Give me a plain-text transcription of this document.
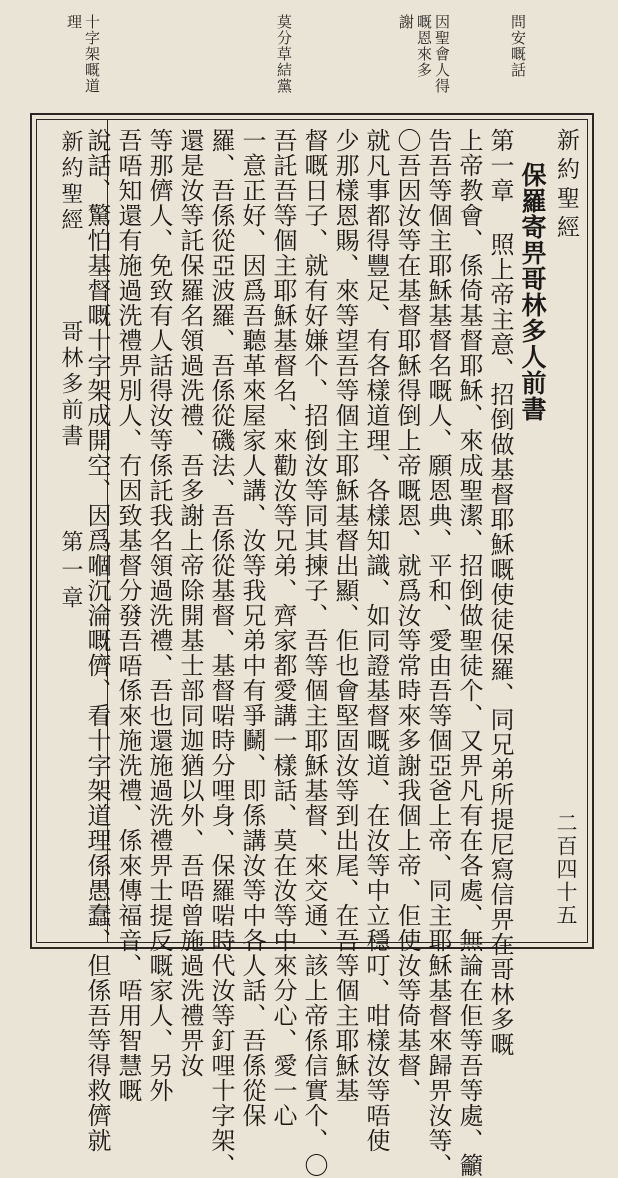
問安嘅話
因聖會人得
嘅恩來多
謝
莫分草結黨
十字架嘅道
理
新約聖經
保羅寄畀哥林多人前書
第一章 照上帝主意、招倒做基督耶穌嘅使徒保羅、同兄弟所提尼寫信畀在哥林多嘅
上帝教會、係倚基督耶穌、來成聖潔、招倒做聖徒个、又畀凡有在各處、無論在佢等吾等處、籲
告吾等個主耶穌基督名嘅人、願恩典、平和、愛由吾等個亞爸上帝、同主耶穌基督來歸畀汝等、
〇吾因汝等在基督耶穌得倒上帝嘅恩、就爲汝等常時來多謝我個上帝、佢使汝等倚基督、
就凡事都得豐足、有各樣道理、各樣知識、如同證基督嘅道、在汝等中立穩叮、咁樣汝等唔使
少那樣恩賜、來等望吾等個主耶穌基督出顯、佢也會堅固汝等到出尾、在吾等個主耶穌基
督嘅日子、就有好嫌个、招倒汝等同其揀子、吾等個主耶穌基督、來交通、該上帝係信實个、〇
吾託吾等個主耶穌基督名、來勸汝等兄弟、齊家都愛講一樣話、莫在汝等中來分心、愛一心
一意正好、因爲吾聽革來屋家人講、汝等我兄弟中有爭鬭、即係講汝等中各人話、吾係從保
羅、吾係從亞波羅、吾係從磯法、吾係從基督、基督啱時分哩身、保羅啱時代汝等釘哩十字架、
還是汝等託保羅名領過洗禮、吾多謝上帝除開基士部同迦猶以外、吾唔曾施過洗禮畀汝
等那儕人、免致有人話得汝等係託我名領過洗禮、吾也還施過洗禮畀士提反嘅家人、另外
吾唔知還有施過洗禮畀別人、冇因致基督分發吾唔係來施洗禮、係來傳福音、唔用智慧嘅
說話、驚怕基督嘅十字架成開空、因爲嗰沉淪嘅儕、看十字架道理係愚蠢、但係吾等得救儕就
新約聖經
哥林多前書
第一章
二百四十五
